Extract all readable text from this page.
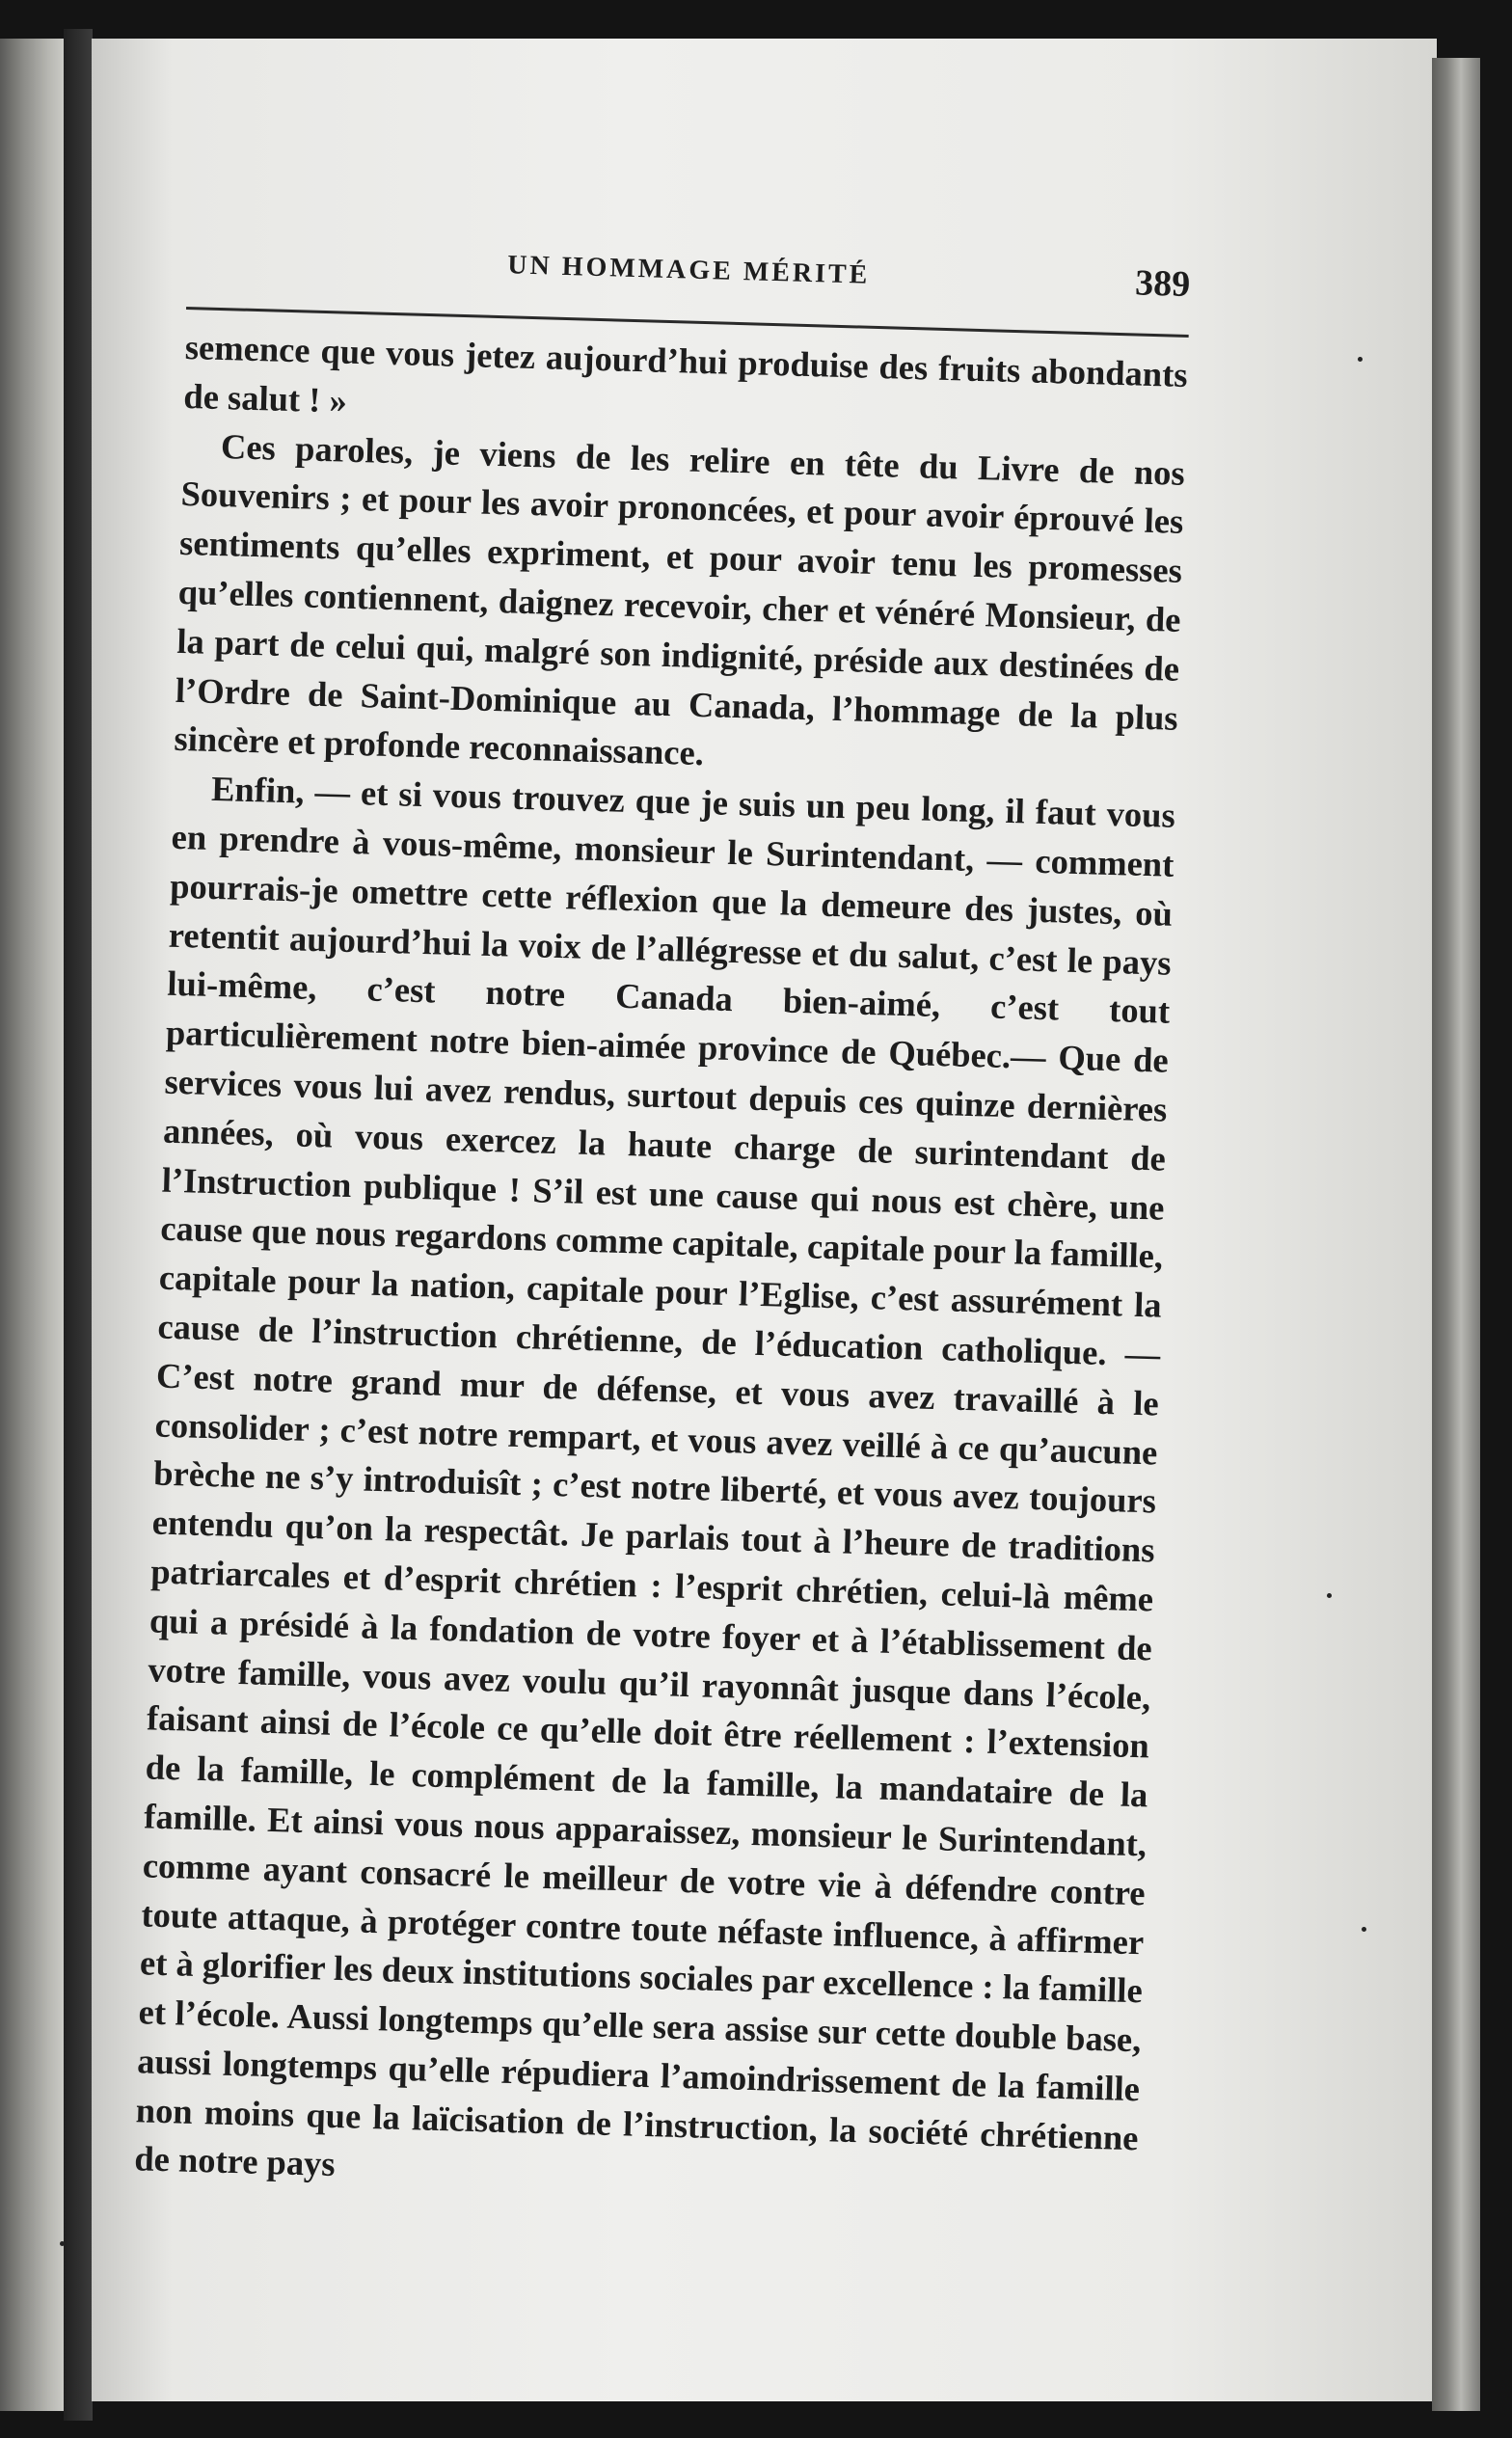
UN HOMMAGE MÉRITÉ	389

semence que vous jetez aujourd’hui produise des fruits abondants de salut ! »

Ces paroles, je viens de les relire en tête du Livre de nos Souvenirs ; et pour les avoir prononcées, et pour avoir éprouvé les sentiments qu’elles expriment, et pour avoir tenu les promesses qu’elles contiennent, daignez recevoir, cher et vénéré Monsieur, de la part de celui qui, malgré son indignité, préside aux destinées de l’Ordre de Saint-Dominique au Canada, l’hommage de la plus sincère et profonde reconnaissance.

Enfin, — et si vous trouvez que je suis un peu long, il faut vous en prendre à vous-même, monsieur le Surintendant, — comment pourrais-je omettre cette réflexion que la demeure des justes, où retentit aujourd’hui la voix de l’allégresse et du salut, c’est le pays lui-même, c’est notre Canada bien-aimé, c’est tout particulièrement notre bien-aimée province de Québec.— Que de services vous lui avez rendus, surtout depuis ces quinze dernières années, où vous exercez la haute charge de surintendant de l’Instruction publique ! S’il est une cause qui nous est chère, une cause que nous regardons comme capitale, capitale pour la famille, capitale pour la nation, capitale pour l’Eglise, c’est assurément la cause de l’instruction chrétienne, de l’éducation catholique. — C’est notre grand mur de défense, et vous avez travaillé à le consolider ; c’est notre rempart, et vous avez veillé à ce qu’aucune brèche ne s’y introduisît ; c’est notre liberté, et vous avez toujours entendu qu’on la respectât. Je parlais tout à l’heure de traditions patriarcales et d’esprit chrétien : l’esprit chrétien, celui-là même qui a présidé à la fondation de votre foyer et à l’établissement de votre famille, vous avez voulu qu’il rayonnât jusque dans l’école, faisant ainsi de l’école ce qu’elle doit être réellement : l’extension de la famille, le complément de la famille, la mandataire de la famille. Et ainsi vous nous apparaissez, monsieur le Surintendant, comme ayant consacré le meilleur de votre vie à défendre contre toute attaque, à protéger contre toute néfaste influence, à affirmer et à glorifier les deux institutions sociales par excellence : la famille et l’école. Aussi longtemps qu’elle sera assise sur cette double base, aussi longtemps qu’elle répudiera l’amoindrissement de la famille non moins que la laïcisation de l’instruction, la société chrétienne de notre pays
